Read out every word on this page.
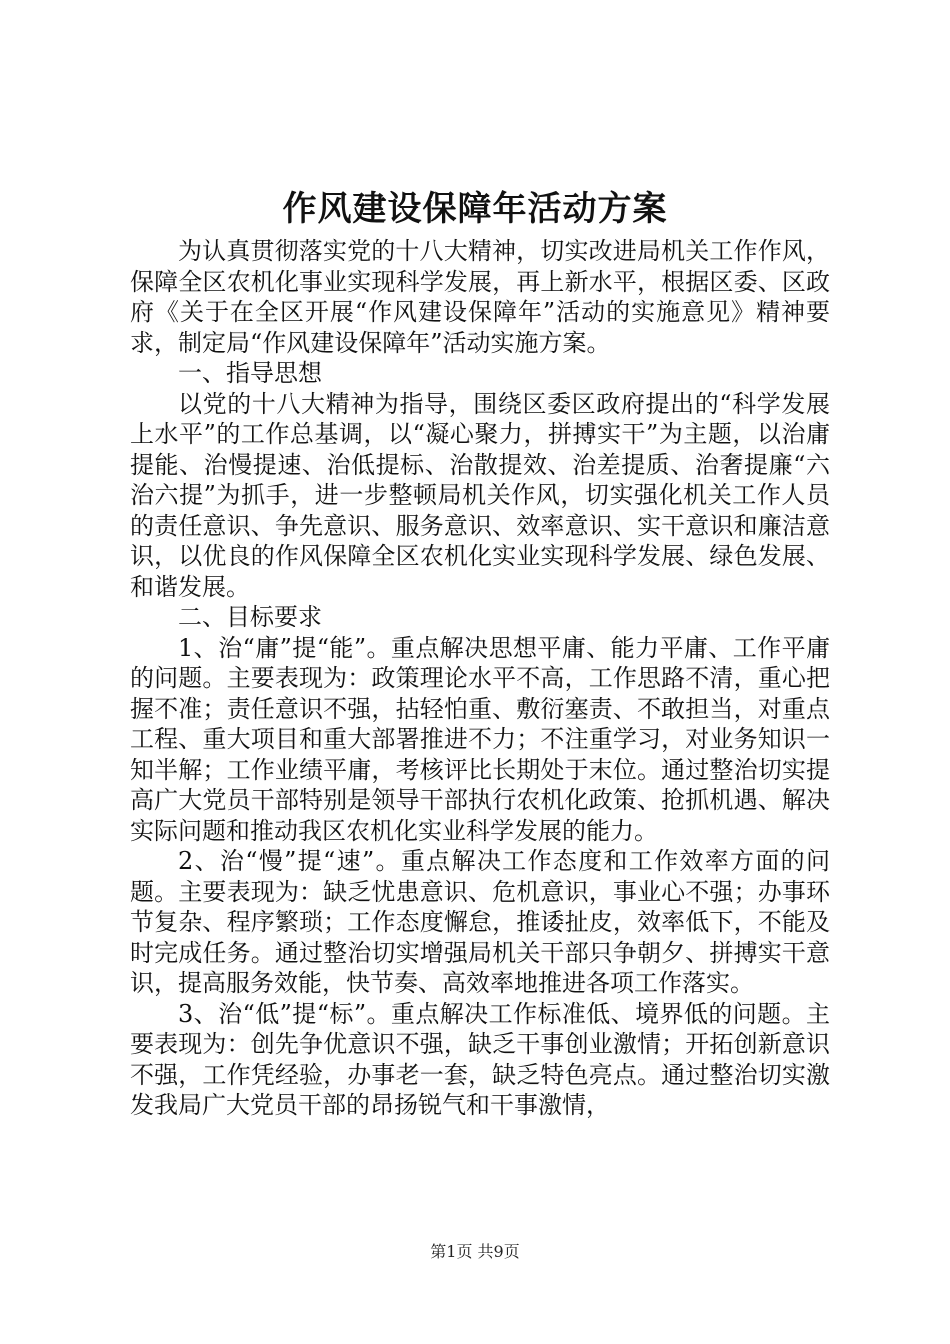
作风建设保障年活动方案

为认真贯彻落实党的十八大精神，切实改进局机关工作作风，保障全区农机化事业实现科学发展，再上新水平，根据区委、区政府《关于在全区开展“作风建设保障年”活动的实施意见》精神要求，制定局“作风建设保障年”活动实施方案。

一、指导思想

以党的十八大精神为指导，围绕区委区政府提出的“科学发展上水平”的工作总基调，以“凝心聚力，拼搏实干”为主题，以治庸提能、治慢提速、治低提标、治散提效、治差提质、治奢提廉“六治六提”为抓手，进一步整顿局机关作风，切实强化机关工作人员的责任意识、争先意识、服务意识、效率意识、实干意识和廉洁意识，以优良的作风保障全区农机化实业实现科学发展、绿色发展、和谐发展。

二、目标要求

1、治“庸”提“能”。重点解决思想平庸、能力平庸、工作平庸的问题。主要表现为：政策理论水平不高，工作思路不清，重心把握不准；责任意识不强，拈轻怕重、敷衍塞责、不敢担当，对重点工程、重大项目和重大部署推进不力；不注重学习，对业务知识一知半解；工作业绩平庸，考核评比长期处于末位。通过整治切实提高广大党员干部特别是领导干部执行农机化政策、抢抓机遇、解决实际问题和推动我区农机化实业科学发展的能力。

2、治“慢”提“速”。重点解决工作态度和工作效率方面的问题。主要表现为：缺乏忧患意识、危机意识，事业心不强；办事环节复杂、程序繁琐；工作态度懈怠，推诿扯皮，效率低下，不能及时完成任务。通过整治切实增强局机关干部只争朝夕、拼搏实干意识，提高服务效能，快节奏、高效率地推进各项工作落实。

3、治“低”提“标”。重点解决工作标准低、境界低的问题。主要表现为：创先争优意识不强，缺乏干事创业激情；开拓创新意识不强，工作凭经验，办事老一套，缺乏特色亮点。通过整治切实激发我局广大党员干部的昂扬锐气和干事激情，

第1页 共9页
